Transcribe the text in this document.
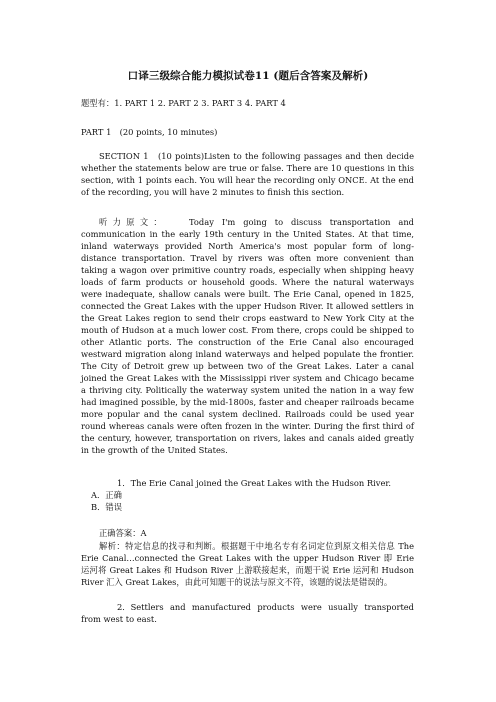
口译三级综合能力模拟试卷11 (题后含答案及解析)
题型有：1. PART 1 2. PART 2 3. PART 3 4. PART 4
PART 1　(20 points, 10 minutes)

SECTION 1　(10 points)Listen to the following passages and then decide whether the statements below are true or false. There are 10 questions in this section, with 1 points each. You will hear the recording only ONCE. At the end of the recording, you will have 2 minutes to finish this section.

听力原文：	Today I'm going to discuss transportation and communication in the early 19th century in the United States. At that time, inland waterways provided North America's most popular form of long-distance transportation. Travel by rivers was often more convenient than taking a wagon over primitive country roads, especially when shipping heavy loads of farm products or household goods. Where the natural waterways were inadequate, shallow canals were built. The Erie Canal, opened in 1825, connected the Great Lakes with the upper Hudson River. It allowed settlers in the Great Lakes region to send their crops eastward to New York City at the mouth of Hudson at a much lower cost. From there, crops could be shipped to other Atlantic ports. The construction of the Erie Canal also encouraged westward migration along inland waterways and helped populate the frontier. The City of Detroit grew up between two of the Great Lakes. Later a canal joined the Great Lakes with the Mississippi river system and Chicago became a thriving city. Politically the waterway system united the nation in a way few had imagined possible, by the mid-1800s, faster and cheaper railroads became more popular and the canal system declined. Railroads could be used year round whereas canals were often frozen in the winter. During the first third of the century, however, transportation on rivers, lakes and canals aided greatly in the growth of the United States.

1．The Erie Canal joined the Great Lakes with the Hudson River.

A．正确

B．错误

正确答案：A

解析：特定信息的找寻和判断。根据题干中地名专有名词定位到原文相关信息 The Erie Canal…connected the Great Lakes with the upper Hudson River 即 Erie 运河将 Great Lakes 和 Hudson River 上游联接起来，而题干说 Erie 运河和 Hudson River 汇入 Great Lakes，由此可知题干的说法与原文不符，该题的说法是错误的。

2．Settlers and manufactured products were usually transported from west to east.
